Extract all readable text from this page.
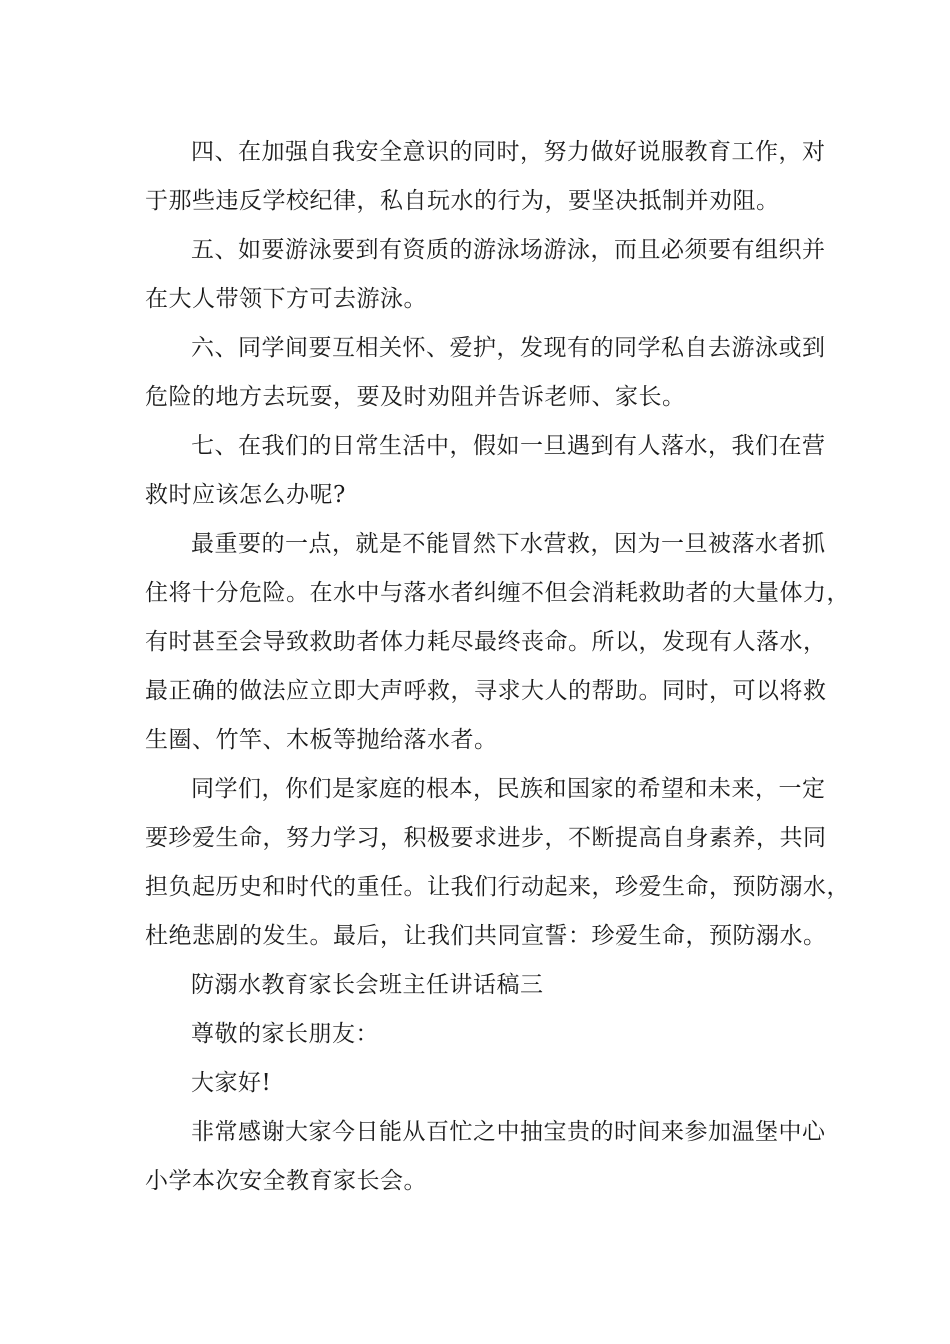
四、在加强自我安全意识的同时，努力做好说服教育工作，对
于那些违反学校纪律，私自玩水的行为，要坚决抵制并劝阻。
五、如要游泳要到有资质的游泳场游泳，而且必须要有组织并
在大人带领下方可去游泳。
六、同学间要互相关怀、爱护，发现有的同学私自去游泳或到
危险的地方去玩耍，要及时劝阻并告诉老师、家长。
七、在我们的日常生活中，假如一旦遇到有人落水，我们在营
救时应该怎么办呢?
最重要的一点，就是不能冒然下水营救，因为一旦被落水者抓
住将十分危险。在水中与落水者纠缠不但会消耗救助者的大量体力，
有时甚至会导致救助者体力耗尽最终丧命。所以，发现有人落水，
最正确的做法应立即大声呼救，寻求大人的帮助。同时，可以将救
生圈、竹竿、木板等抛给落水者。
同学们，你们是家庭的根本，民族和国家的希望和未来，一定
要珍爱生命，努力学习，积极要求进步，不断提高自身素养，共同
担负起历史和时代的重任。让我们行动起来，珍爱生命，预防溺水，
杜绝悲剧的发生。最后，让我们共同宣誓：珍爱生命，预防溺水。
防溺水教育家长会班主任讲话稿三
尊敬的家长朋友：
大家好!
非常感谢大家今日能从百忙之中抽宝贵的时间来参加温堡中心
小学本次安全教育家长会。
